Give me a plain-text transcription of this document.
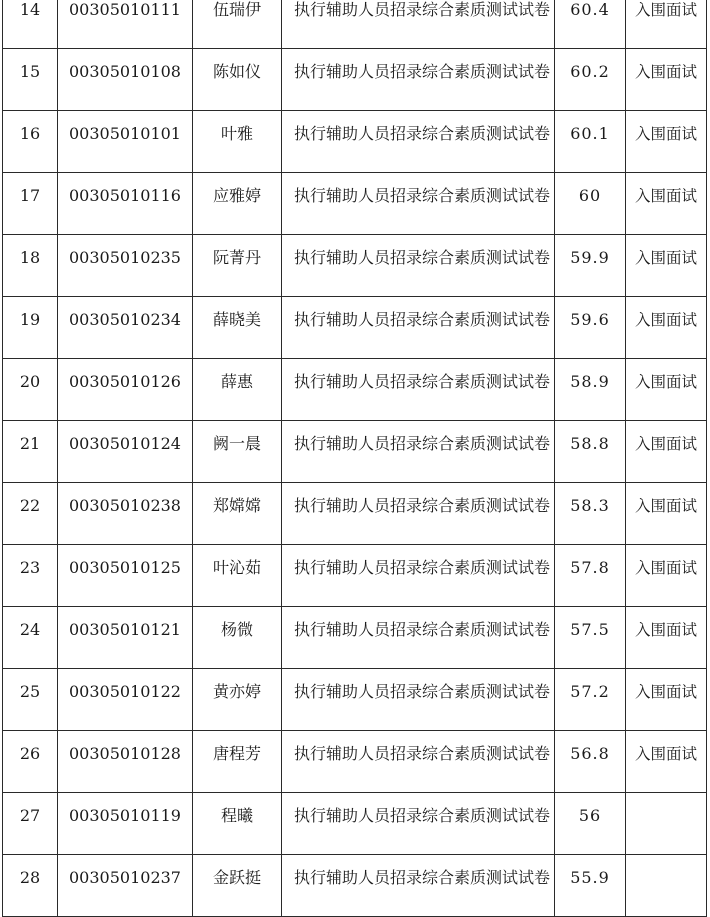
14	00305010111	伍瑞伊	执行辅助人员招录综合素质测试试卷	60.4	入围面试

15	00305010108	陈如仪	执行辅助人员招录综合素质测试试卷	60.2	入围面试

16	00305010101	叶雅	执行辅助人员招录综合素质测试试卷	60.1	入围面试

17	00305010116	应雅婷	执行辅助人员招录综合素质测试试卷	60	入围面试

18	00305010235	阮菁丹	执行辅助人员招录综合素质测试试卷	59.9	入围面试

19	00305010234	薛晓美	执行辅助人员招录综合素质测试试卷	59.6	入围面试

20	00305010126	薛惠	执行辅助人员招录综合素质测试试卷	58.9	入围面试

21	00305010124	阙一晨	执行辅助人员招录综合素质测试试卷	58.8	入围面试

22	00305010238	郑嫦嫦	执行辅助人员招录综合素质测试试卷	58.3	入围面试

23	00305010125	叶沁茹	执行辅助人员招录综合素质测试试卷	57.8	入围面试

24	00305010121	杨微	执行辅助人员招录综合素质测试试卷	57.5	入围面试

25	00305010122	黄亦婷	执行辅助人员招录综合素质测试试卷	57.2	入围面试

26	00305010128	唐程芳	执行辅助人员招录综合素质测试试卷	56.8	入围面试

27	00305010119	程曦	执行辅助人员招录综合素质测试试卷	56	

28	00305010237	金跃挺	执行辅助人员招录综合素质测试试卷	55.9	
